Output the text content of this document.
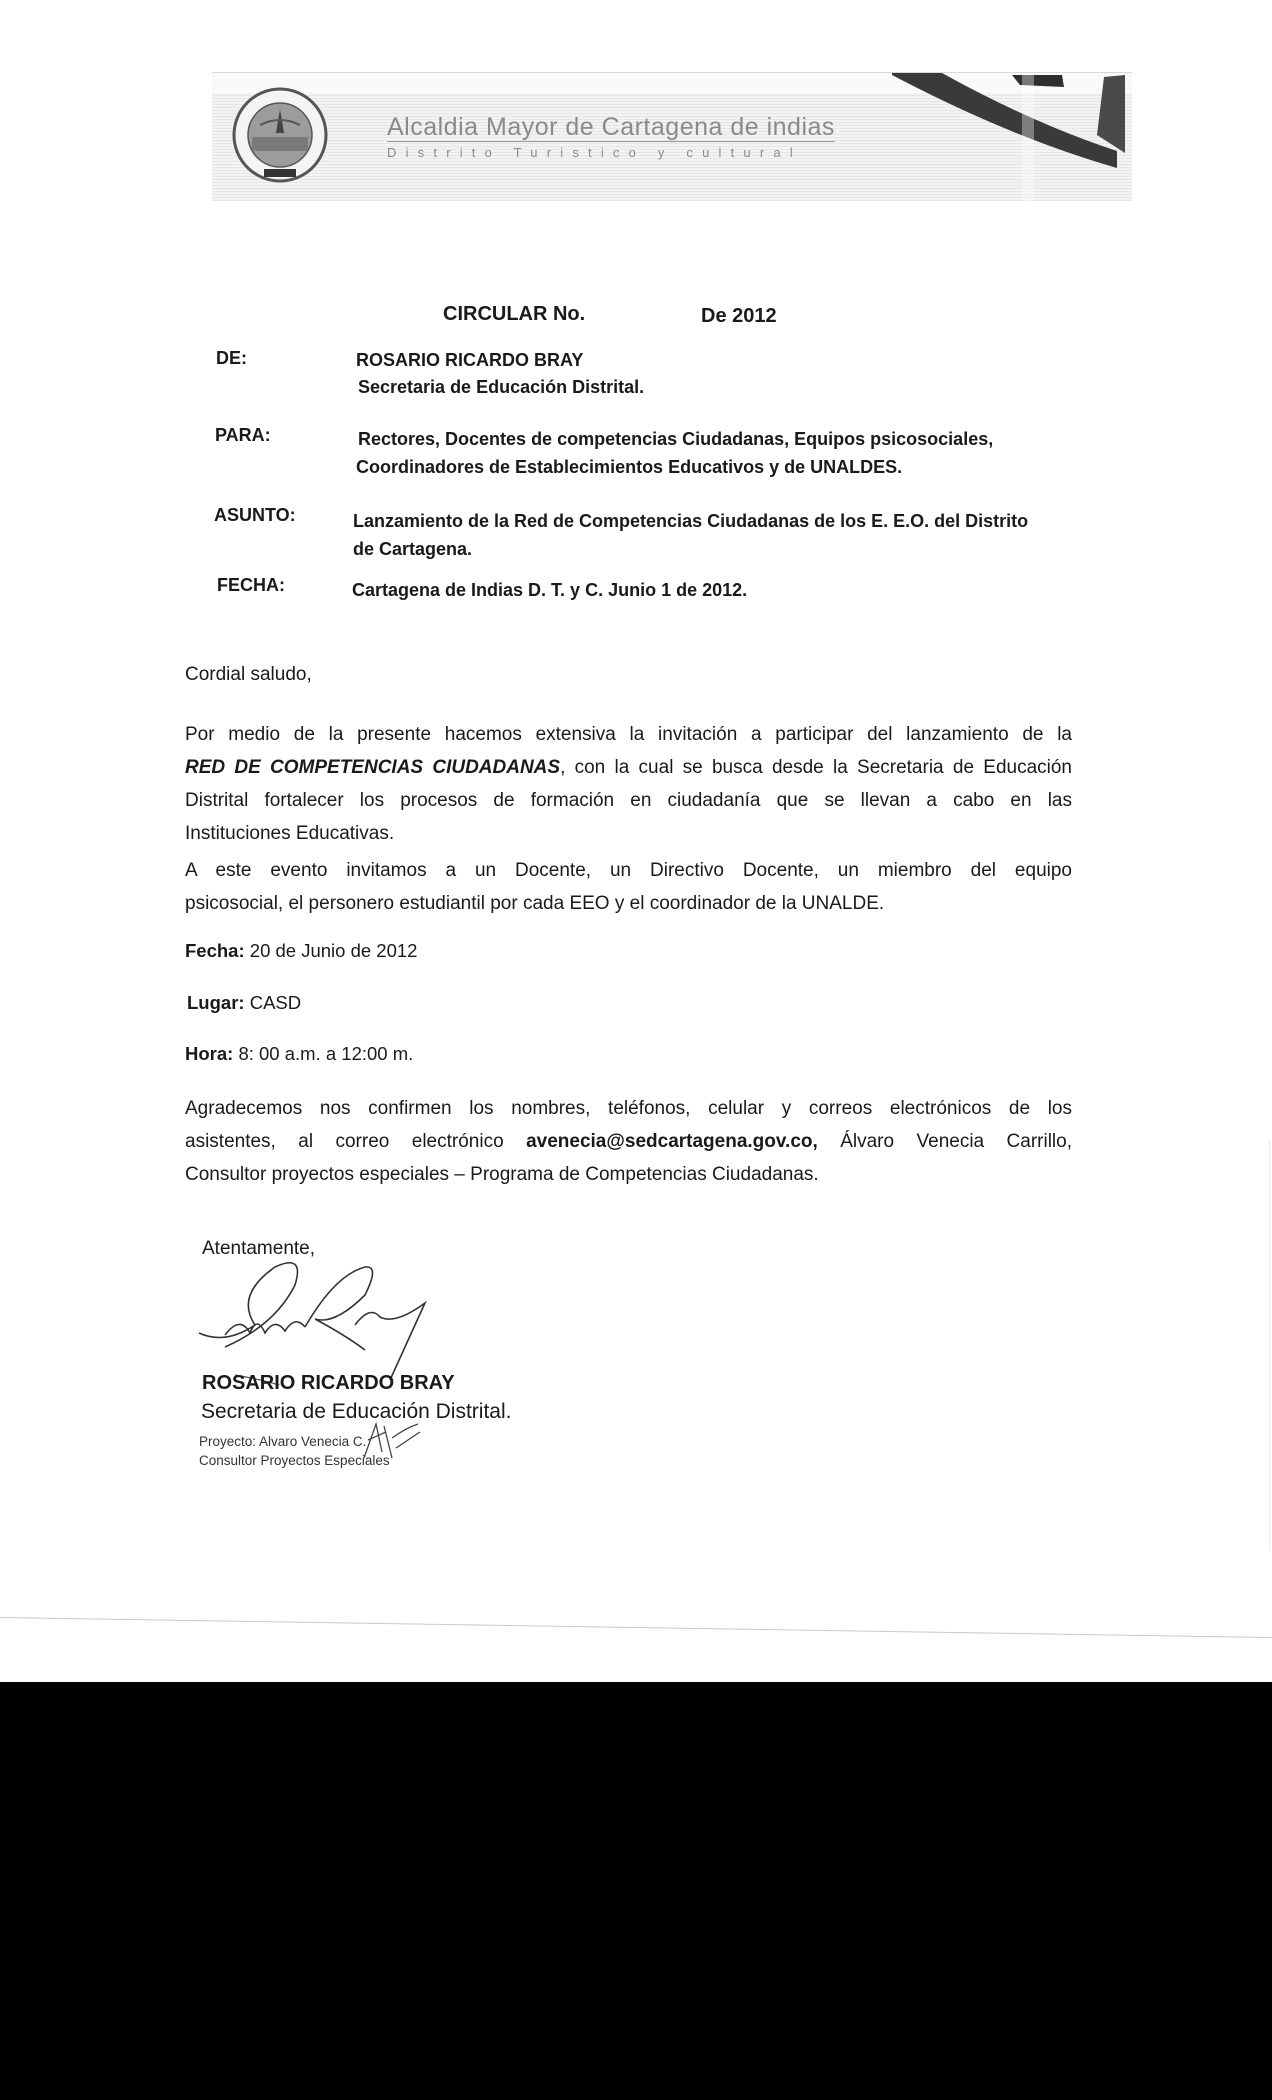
Alcaldia Mayor de Cartagena de indias
Distrito Turistico y cultural
CIRCULAR No.	De 2012
DE:	ROSARIO RICARDO BRAY
Secretaria de Educación Distrital.
PARA:	Rectores, Docentes de competencias Ciudadanas, Equipos psicosociales,
Coordinadores de Establecimientos Educativos y de UNALDES.
ASUNTO:	Lanzamiento de la Red de Competencias Ciudadanas de los E. E.O. del Distrito
de Cartagena.
FECHA:	Cartagena de Indias D. T. y C. Junio 1 de 2012.
Cordial saludo,
Por medio de la presente hacemos extensiva la invitación a participar del lanzamiento de la
RED DE COMPETENCIAS CIUDADANAS, con la cual se busca desde la Secretaria de Educación
Distrital fortalecer los procesos de formación en ciudadanía que se llevan a cabo en las
Instituciones Educativas.
A este evento invitamos a un Docente, un Directivo Docente, un miembro del equipo
psicosocial, el personero estudiantil por cada EEO y el coordinador de la UNALDE.
Fecha: 20 de Junio de 2012
Lugar: CASD
Hora: 8: 00 a.m. a 12:00 m.
Agradecemos nos confirmen los nombres, teléfonos, celular y correos electrónicos de los
asistentes, al correo electrónico avenecia@sedcartagena.gov.co, Álvaro Venecia Carrillo,
Consultor proyectos especiales – Programa de Competencias Ciudadanas.
Atentamente,
ROSARIO RICARDO BRAY
Secretaria de Educación Distrital.
Proyecto: Alvaro Venecia C.
Consultor Proyectos Especiales
